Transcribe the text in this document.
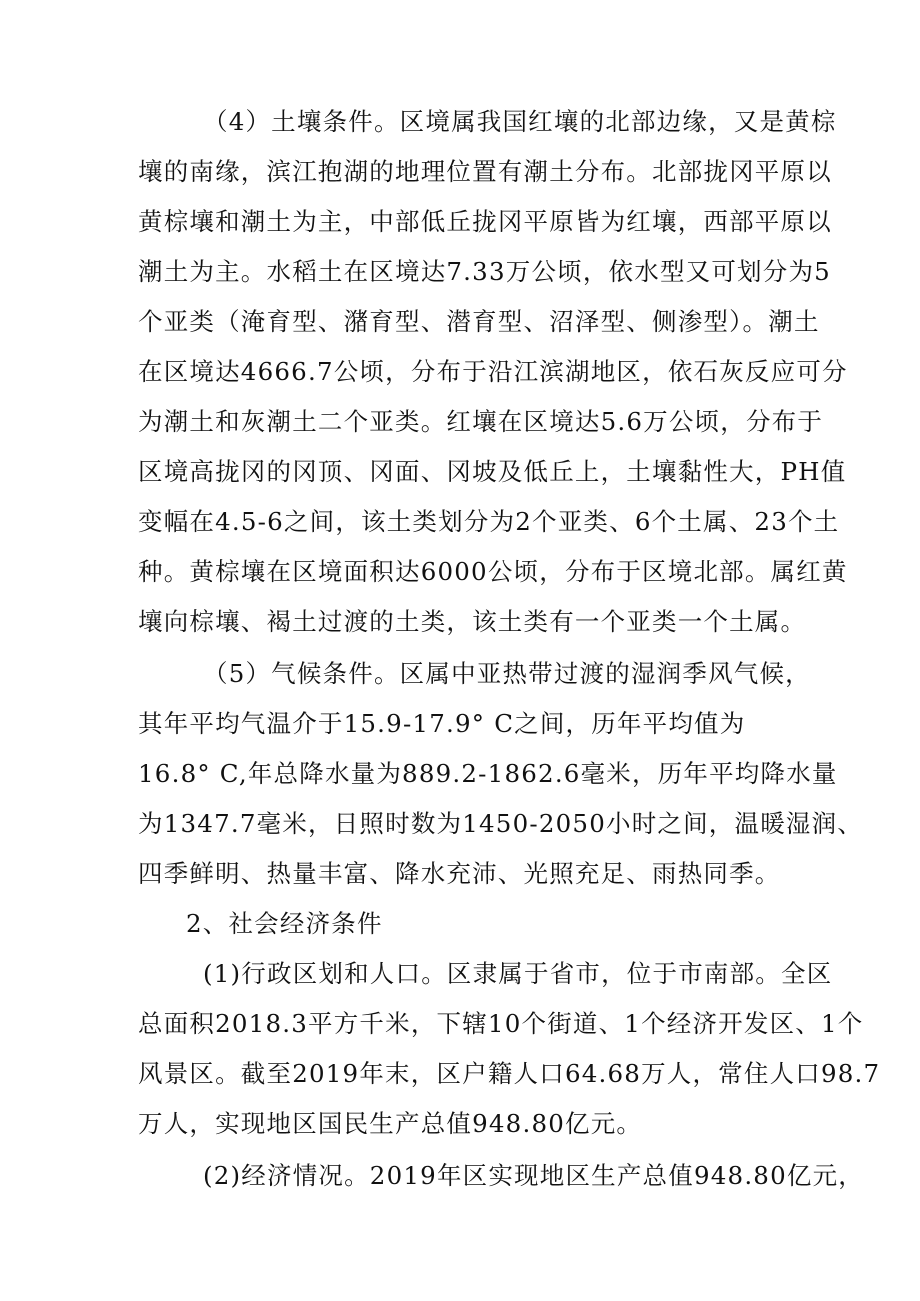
（4）土壤条件。区境属我国红壤的北部边缘，又是黄棕
壤的南缘，滨江抱湖的地理位置有潮土分布。北部拢冈平原以
黄棕壤和潮土为主，中部低丘拢冈平原皆为红壤，西部平原以
潮土为主。水稻土在区境达7.33万公顷，依水型又可划分为5
个亚类（淹育型、潴育型、潜育型、沼泽型、侧渗型）。潮土
在区境达4666.7公顷，分布于沿江滨湖地区，依石灰反应可分
为潮土和灰潮土二个亚类。红壤在区境达5.6万公顷，分布于
区境高拢冈的冈顶、冈面、冈坡及低丘上，土壤黏性大，PH值
变幅在4.5-6之间，该土类划分为2个亚类、6个土属、23个土
种。黄棕壤在区境面积达6000公顷，分布于区境北部。属红黄
壤向棕壤、褐土过渡的土类，该土类有一个亚类一个土属。
（5）气候条件。区属中亚热带过渡的湿润季风气候，
其年平均气温介于15.9-17.9° C之间，历年平均值为
16.8° C,年总降水量为889.2-1862.6毫米，历年平均降水量
为1347.7毫米，日照时数为1450-2050小时之间，温暖湿润、
四季鲜明、热量丰富、降水充沛、光照充足、雨热同季。
2、社会经济条件
(1)行政区划和人口。区隶属于省市，位于市南部。全区
总面积2018.3平方千米，下辖10个街道、1个经济开发区、1个
风景区。截至2019年末，区户籍人口64.68万人，常住人口98.7
万人，实现地区国民生产总值948.80亿元。
(2)经济情况。2019年区实现地区生产总值948.80亿元，
